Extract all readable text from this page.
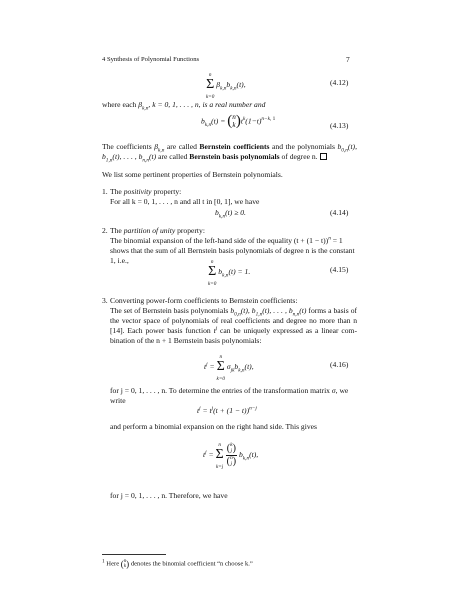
4 Synthesis of Polynomial Functions	7
n
Σ
k=0 $\beta_{k,n}b_{k,n}(t)$,	(4.12)
where each $\beta_{k,n}$, k = 0, 1, . . . , n, is a real number and
$b_{k,n}(t) = (n$
$k)t^k(1-t)^{n-k, 1}$
(4.13)
The coefficients $\beta_{k,n}$ are called Bernstein coefficients and the polynomials $b_{0,n}(t)$, $b_{1,n}(t)$, . . . , $b_{n,n}(t)$ are called Bernstein basis polynomials of degree n.
We list some pertinent properties of Bernstein polynomials.
1. The positivity property:
For all k = 0, 1, . . . , n and all t in [0, 1], we have
$b_{k,n}(t) \ge 0$.	(4.14)
2. The partition of unity property:
The binomial expansion of the left-hand side of the equality $(t + (1 - t))^n = 1$
shows that the sum of all Bernstein basis polynomials of degree n is the constant
1, i.e.,	n
Σ
k=0 $b_{k,n}(t) = 1$.	(4.15)
3. Converting power-form coefficients to Bernstein coefficients:
The set of Bernstein basis polynomials $b_{0,n}(t)$, $b_{1,n}(t)$, . . . , $b_{n,n}(t)$ forms a basis of the vector space of polynomials of real coefficients and degree no more than n [14]. Each power basis function $t^j$ can be uniquely expressed as a linear com- bination of the n + 1 Bernstein basis polynomials:
$t^j = n$
Σ
k=0 $\sigma_{jk}b_{k,n}(t)$,	(4.16)
for j = 0, 1, . . . , n. To determine the entries of the transformation matrix σ, we
write
$t^j = t^j(t + (1 - t))^{n-j}$
and perform a binomial expansion on the right hand side. This gives
$t^j = n$
Σ
k=j
(k
j)
(n
j)
$b_{k,n}(t)$,
for j = 0, 1, . . . , n. Therefore, we have
$^1$ Here (n
k) denotes the binomial coefficient “n choose k.”
